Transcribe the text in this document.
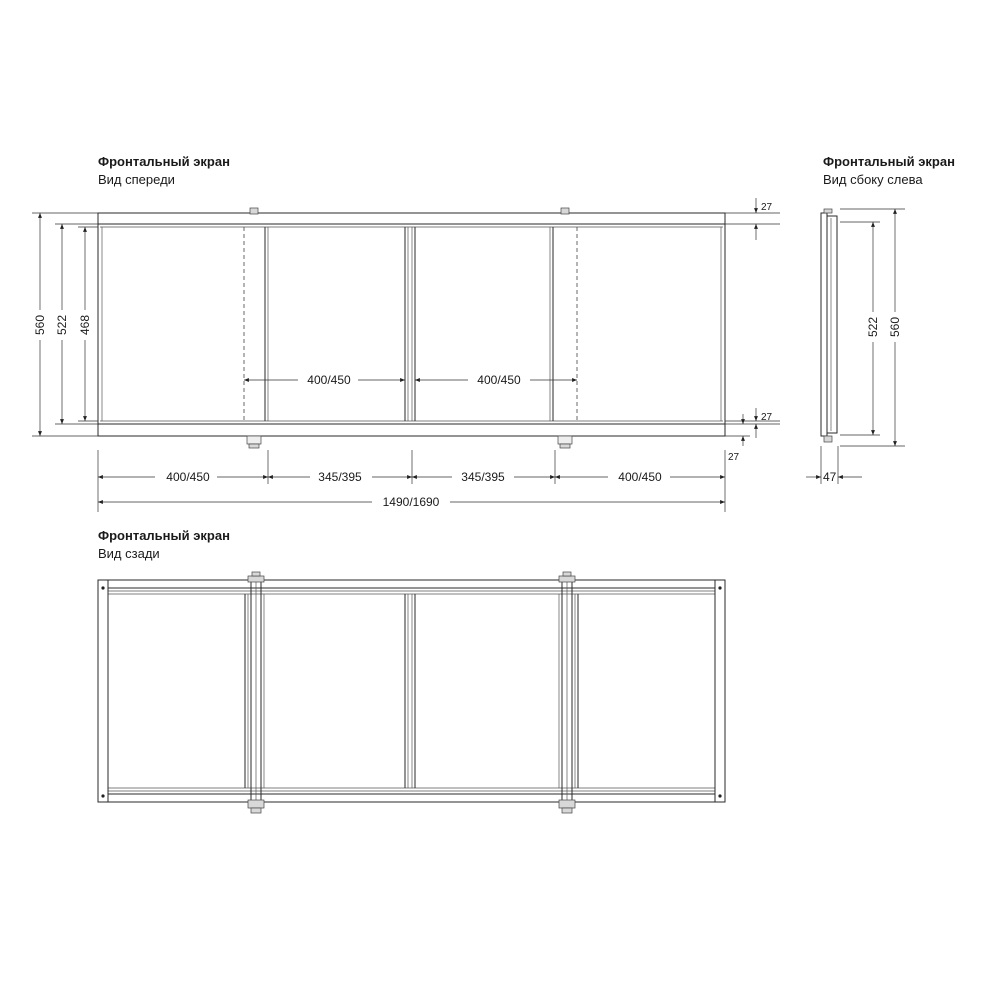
Фронтальный экран
Вид спереди
Фронтальный экран
Вид сбоку слева
Фронтальный экран
Вид сзади
400/450	400/450
560 522 468
27
27
27
400/450	345/395	345/395	400/450
1490/1690
522 560
47
